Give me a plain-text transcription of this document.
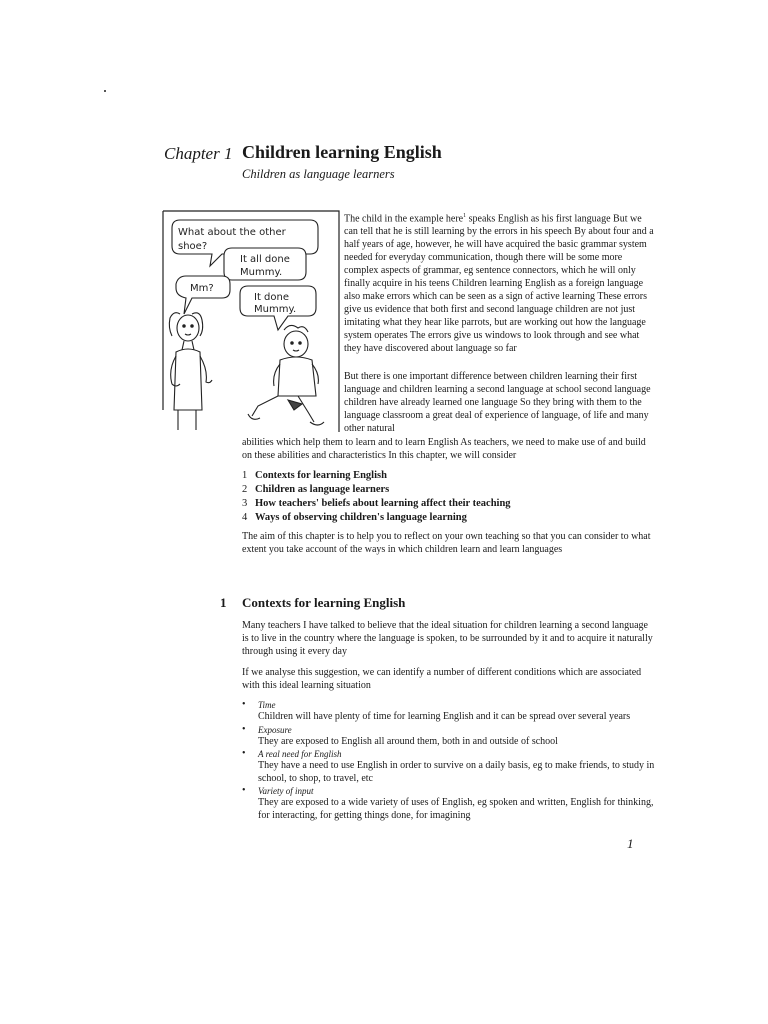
Chapter 1 Children learning English
Children as language learners
What about the other
shoe?
It all done
Mummy.
Mm?
It done
Mummy.

The child in the example here$^1$ speaks English as his first language But we can tell that he is still learning by the errors in his speech By about four and a half years of age, however, he will have acquired the basic grammar system needed for everyday communication, though there will be some more complex aspects of grammar, eg sentence connectors, which he will only finally acquire in his teens Children learning English as a foreign language also make errors which can be seen as a sign of active learning These errors give us evidence that both first and second language children are not just imitating what they hear like parrots, but are working out how the language system operates The errors give us windows to look through and see what they have discovered about language so far

But there is one important difference between children learning their first language and children learning a second language at school second language children have already learned one language So they bring with them to the language classroom a great deal of experience of language, of life and many other natural

abilities which help them to learn and to learn English As teachers, we need to make use of and build on these abilities and characteristics In this chapter, we will consider

1 Contexts for learning English
2 Children as language learners
3 How teachers' beliefs about learning affect their teaching
4 Ways of observing children's language learning

The aim of this chapter is to help you to reflect on your own teaching so that you can consider to what extent you take account of the ways in which children learn and learn languages

1 Contexts for learning English

Many teachers I have talked to believe that the ideal situation for children learning a second language is to live in the country where the language is spoken, to be surrounded by it and to acquire it naturally through using it every day

If we analyse this suggestion, we can identify a number of different conditions which are associated with this ideal learning situation

• Time
Children will have plenty of time for learning English and it can be spread over several years
• Exposure
They are exposed to English all around them, both in and outside of school
• A real need for English
They have a need to use English in order to survive on a daily basis, eg to make friends, to study in school, to shop, to travel, etc
• Variety of input
They are exposed to a wide variety of uses of English, eg spoken and written, English for thinking, for interacting, for getting things done, for imagining
1
